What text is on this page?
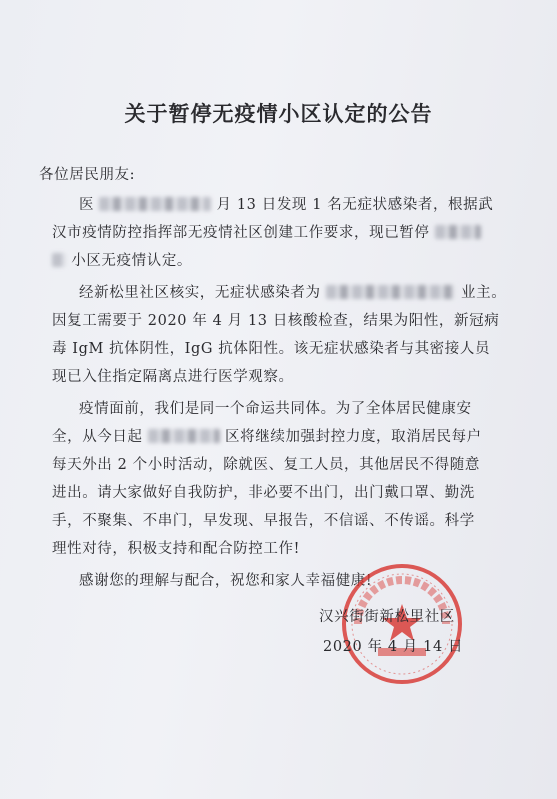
关于暂停无疫情小区认定的公告
各位居民朋友:
医	月 13 日发现 1 名无症状感染者，根据武
汉市疫情防控指挥部无疫情社区创建工作要求，现已暂停
小区无疫情认定。
经新松里社区核实，无症状感染者为	业主。
因复工需要于 2020 年 4 月 13 日核酸检查，结果为阳性，新冠病
毒 IgM 抗体阴性，IgG 抗体阳性。该无症状感染者与其密接人员
现已入住指定隔离点进行医学观察。
疫情面前，我们是同一个命运共同体。为了全体居民健康安
全，从今日起	区将继续加强封控力度，取消居民每户
每天外出 2 个小时活动，除就医、复工人员，其他居民不得随意
进出。请大家做好自我防护，非必要不出门，出门戴口罩、勤洗
手，不聚集、不串门，早发现、早报告，不信谣、不传谣。科学
理性对待，积极支持和配合防控工作!
感谢您的理解与配合，祝您和家人幸福健康!
汉兴街街新松里社区
2020 年 4 月 14 日
